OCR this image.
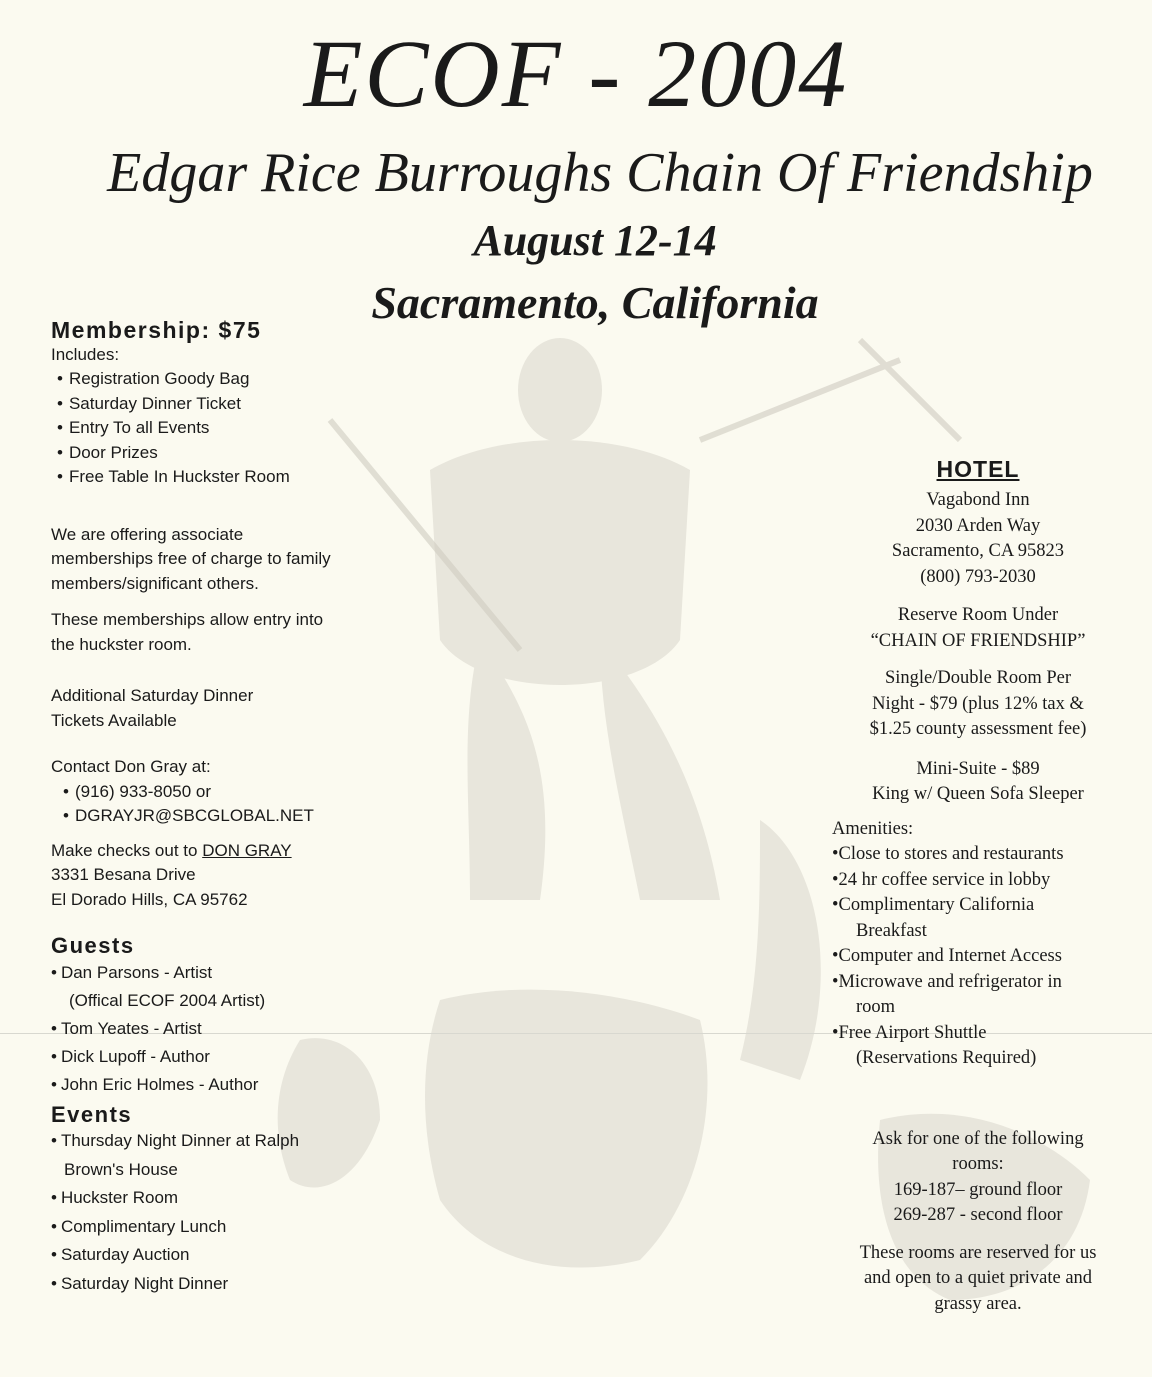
ECOF - 2004
Edgar Rice Burroughs Chain Of Friendship
August 12-14
Sacramento, California
Membership: $75
Includes:
• Registration Goody Bag
• Saturday Dinner Ticket
• Entry To all Events
• Door Prizes
• Free Table In Huckster Room
We are offering associate
memberships free of charge to family
members/significant others.
These memberships allow entry into
the huckster room.
Additional Saturday Dinner
Tickets Available
Contact Don Gray at:
• (916) 933-8050 or
• DGRAYJR@SBCGLOBAL.NET
Make checks out to DON GRAY
3331 Besana Drive
El Dorado Hills, CA 95762
Guests
• Dan Parsons - Artist
(Offical ECOF 2004 Artist)
• Tom Yeates - Artist
• Dick Lupoff - Author
• John Eric Holmes - Author
Events
• Thursday Night Dinner at Ralph
Brown's House
• Huckster Room
• Complimentary Lunch
• Saturday Auction
• Saturday Night Dinner
HOTEL
Vagabond Inn
2030 Arden Way
Sacramento, CA 95823
(800) 793-2030
Reserve Room Under
“CHAIN OF FRIENDSHIP”
Single/Double Room Per
Night - $79 (plus 12% tax &
$1.25 county assessment fee)
Mini-Suite - $89
King w/ Queen Sofa Sleeper
Amenities:
• Close to stores and restaurants
• 24 hr coffee service in lobby
• Complimentary California
Breakfast
• Computer and Internet Access
• Microwave and refrigerator in
room
• Free Airport Shuttle
(Reservations Required)
Ask for one of the following
rooms:
169-187– ground floor
269-287 - second floor
These rooms are reserved for us
and open to a quiet private and
grassy area.
